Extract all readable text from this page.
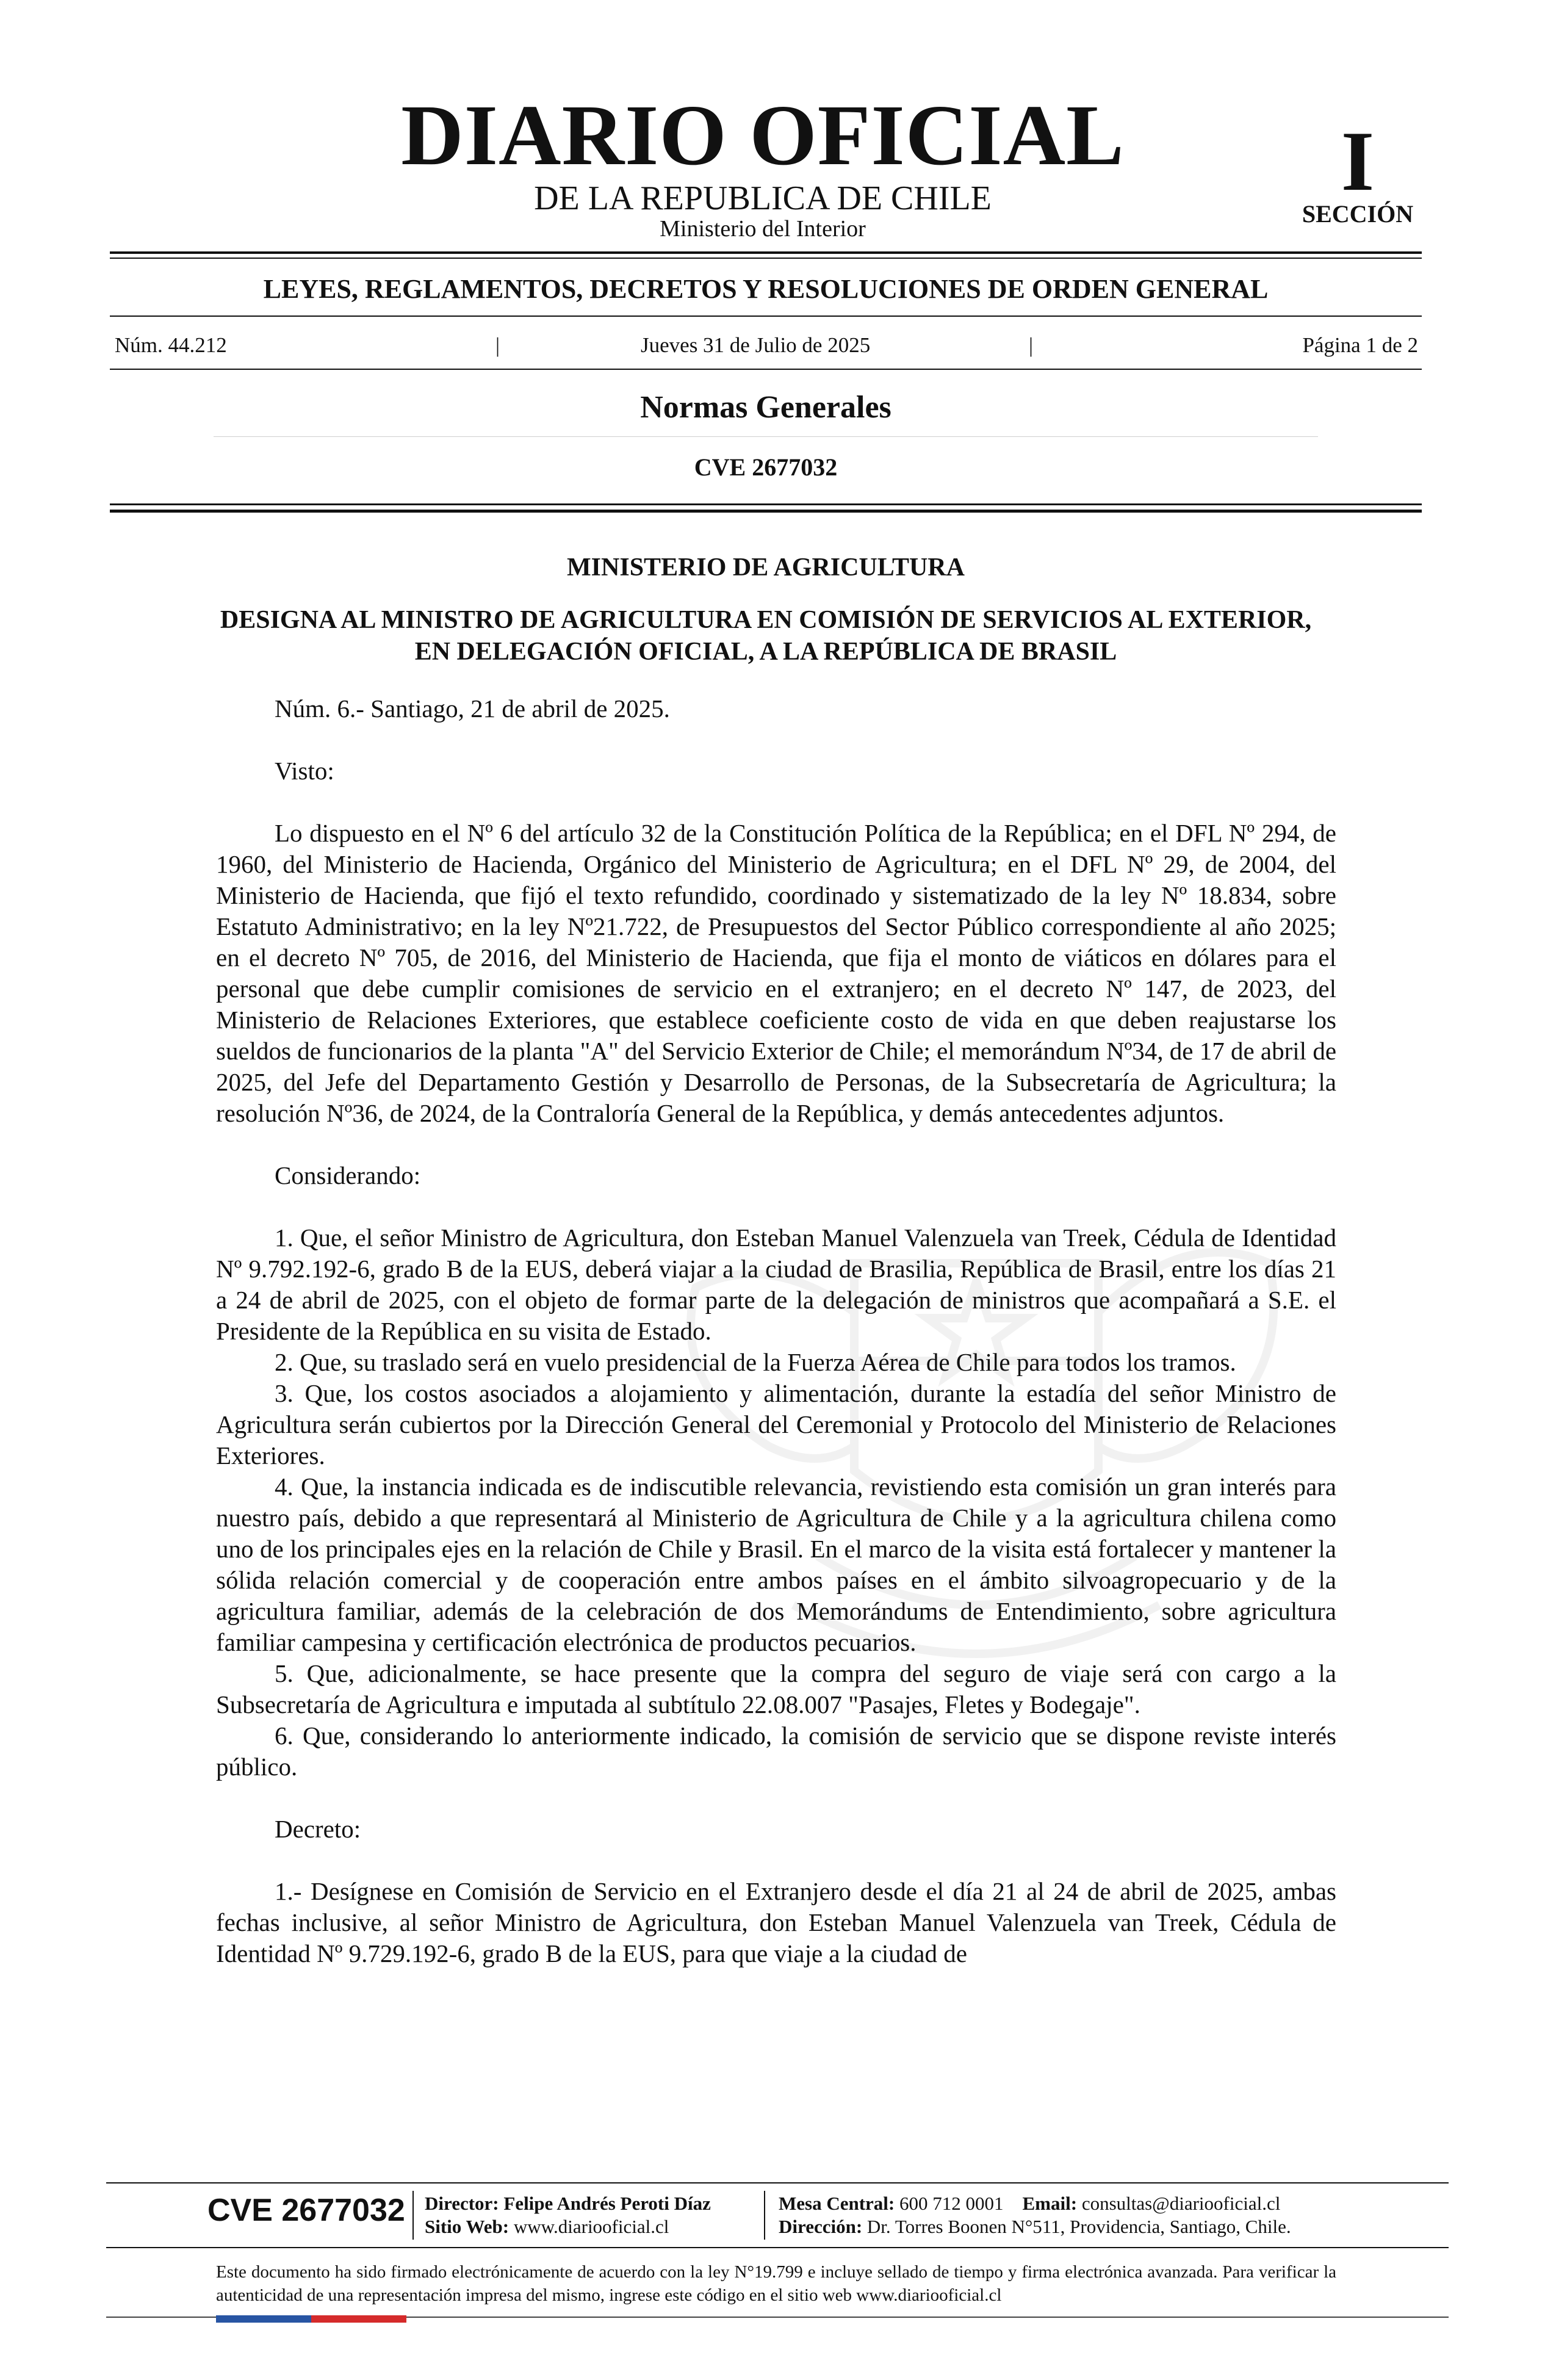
DIARIO OFICIAL
DE LA REPUBLICA DE CHILE
Ministerio del Interior
I
SECCIÓN
LEYES, REGLAMENTOS, DECRETOS Y RESOLUCIONES DE ORDEN GENERAL
Núm. 44.212	|	Jueves 31 de Julio de 2025	|	Página 1 de 2
Normas Generales
CVE 2677032
MINISTERIO DE AGRICULTURA
DESIGNA AL MINISTRO DE AGRICULTURA EN COMISIÓN DE SERVICIOS AL EXTERIOR, EN DELEGACIÓN OFICIAL, A LA REPÚBLICA DE BRASIL

Núm. 6.- Santiago, 21 de abril de 2025.

Visto:

Lo dispuesto en el Nº 6 del artículo 32 de la Constitución Política de la República; en el DFL Nº 294, de 1960, del Ministerio de Hacienda, Orgánico del Ministerio de Agricultura; en el DFL Nº 29, de 2004, del Ministerio de Hacienda, que fijó el texto refundido, coordinado y sistematizado de la ley Nº 18.834, sobre Estatuto Administrativo; en la ley Nº21.722, de Presupuestos del Sector Público correspondiente al año 2025; en el decreto Nº 705, de 2016, del Ministerio de Hacienda, que fija el monto de viáticos en dólares para el personal que debe cumplir comisiones de servicio en el extranjero; en el decreto Nº 147, de 2023, del Ministerio de Relaciones Exteriores, que establece coeficiente costo de vida en que deben reajustarse los sueldos de funcionarios de la planta "A" del Servicio Exterior de Chile; el memorándum Nº34, de 17 de abril de 2025, del Jefe del Departamento Gestión y Desarrollo de Personas, de la Subsecretaría de Agricultura; la resolución Nº36, de 2024, de la Contraloría General de la República, y demás antecedentes adjuntos.

Considerando:

1. Que, el señor Ministro de Agricultura, don Esteban Manuel Valenzuela van Treek, Cédula de Identidad Nº 9.792.192-6, grado B de la EUS, deberá viajar a la ciudad de Brasilia, República de Brasil, entre los días 21 a 24 de abril de 2025, con el objeto de formar parte de la delegación de ministros que acompañará a S.E. el Presidente de la República en su visita de Estado.

2. Que, su traslado será en vuelo presidencial de la Fuerza Aérea de Chile para todos los tramos.

3. Que, los costos asociados a alojamiento y alimentación, durante la estadía del señor Ministro de Agricultura serán cubiertos por la Dirección General del Ceremonial y Protocolo del Ministerio de Relaciones Exteriores.

4. Que, la instancia indicada es de indiscutible relevancia, revistiendo esta comisión un gran interés para nuestro país, debido a que representará al Ministerio de Agricultura de Chile y a la agricultura chilena como uno de los principales ejes en la relación de Chile y Brasil. En el marco de la visita está fortalecer y mantener la sólida relación comercial y de cooperación entre ambos países en el ámbito silvoagropecuario y de la agricultura familiar, además de la celebración de dos Memorándums de Entendimiento, sobre agricultura familiar campesina y certificación electrónica de productos pecuarios.

5. Que, adicionalmente, se hace presente que la compra del seguro de viaje será con cargo a la Subsecretaría de Agricultura e imputada al subtítulo 22.08.007 "Pasajes, Fletes y Bodegaje".

6. Que, considerando lo anteriormente indicado, la comisión de servicio que se dispone reviste interés público.

Decreto:

1.- Desígnese en Comisión de Servicio en el Extranjero desde el día 21 al 24 de abril de 2025, ambas fechas inclusive, al señor Ministro de Agricultura, don Esteban Manuel Valenzuela van Treek, Cédula de Identidad Nº 9.729.192-6, grado B de la EUS, para que viaje a la ciudad de

CVE 2677032 Director: Felipe Andrés Peroti Díaz
Sitio Web: www.diariooficial.cl
Mesa Central: 600 712 0001 Email: consultas@diariooficial.cl
Dirección: Dr. Torres Boonen N°511, Providencia, Santiago, Chile.
Este documento ha sido firmado electrónicamente de acuerdo con la ley N°19.799 e incluye sellado de tiempo y firma electrónica avanzada. Para verificar la autenticidad de una representación impresa del mismo, ingrese este código en el sitio web www.diariooficial.cl
